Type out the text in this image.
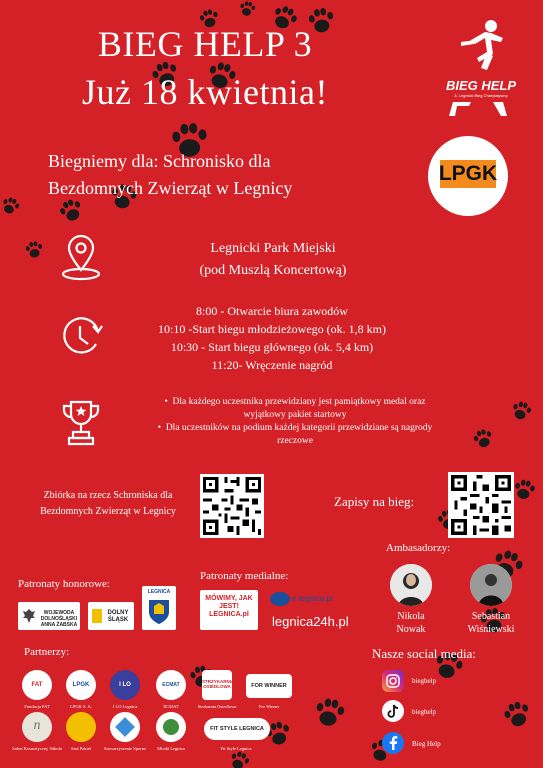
BIEG HELP 3
Już 18 kwietnia!	BIEG HELP
3. Legnicki Bieg Charytatywny
LPGK
Biegniemy dla: Schronisko dla
Bezdomnych Zwierząt w Legnicy
Legnicki Park Miejski
(pod Muszlą Koncertową)
8:00 - Otwarcie biura zawodów
10:10 -Start biegu młodzieżowego (ok. 1,8 km)
10:30 - Start biegu głównego (ok. 5,4 km)
11:20- Wręczenie nagród
•  Dla każdego uczestnika przewidziany jest pamiątkowy medal oraz wyjątkowy pakiet startowy
•  Dla uczestników na podium każdej kategorii przewidziane są nagrody rzeczowe
Zbiórka na rzecz Schroniska dla
Bezdomnych Zwierząt w Legnicy
Zapisy na bieg:
Ambasadorzy:
Nikola
Nowak
Sebastian
Wiśniewski
Patronaty honorowe:
WOJEWODA DOLNOŚLĄSKI ANNA ŻABSKA
DOLNY ŚLĄSK
LEGNICA
Patronaty medialne:
MÓWIMY, JAK JEST! LEGNICA.pl
e-legnica.pl
legnica24h.pl
Partnerzy:
FAT
Fundacja FAT
LPGK
LPGK S. A.
I LO
I LO Legnica
ECMAT
ECMAT
STRZYKARNIA OSIEDLOWA
Strzkarnia Osiedlowa
FOR WINNER
For Winner
n
Salon Kosmetyczny Nikola	Staś Pakieł	Stowarzyszenie Sporne	Miodó Legnica
FIT STYLE LEGNICA
Fit Style Legnica
Nasze social media:
bieghelp
bieghelp
Bieg Help
